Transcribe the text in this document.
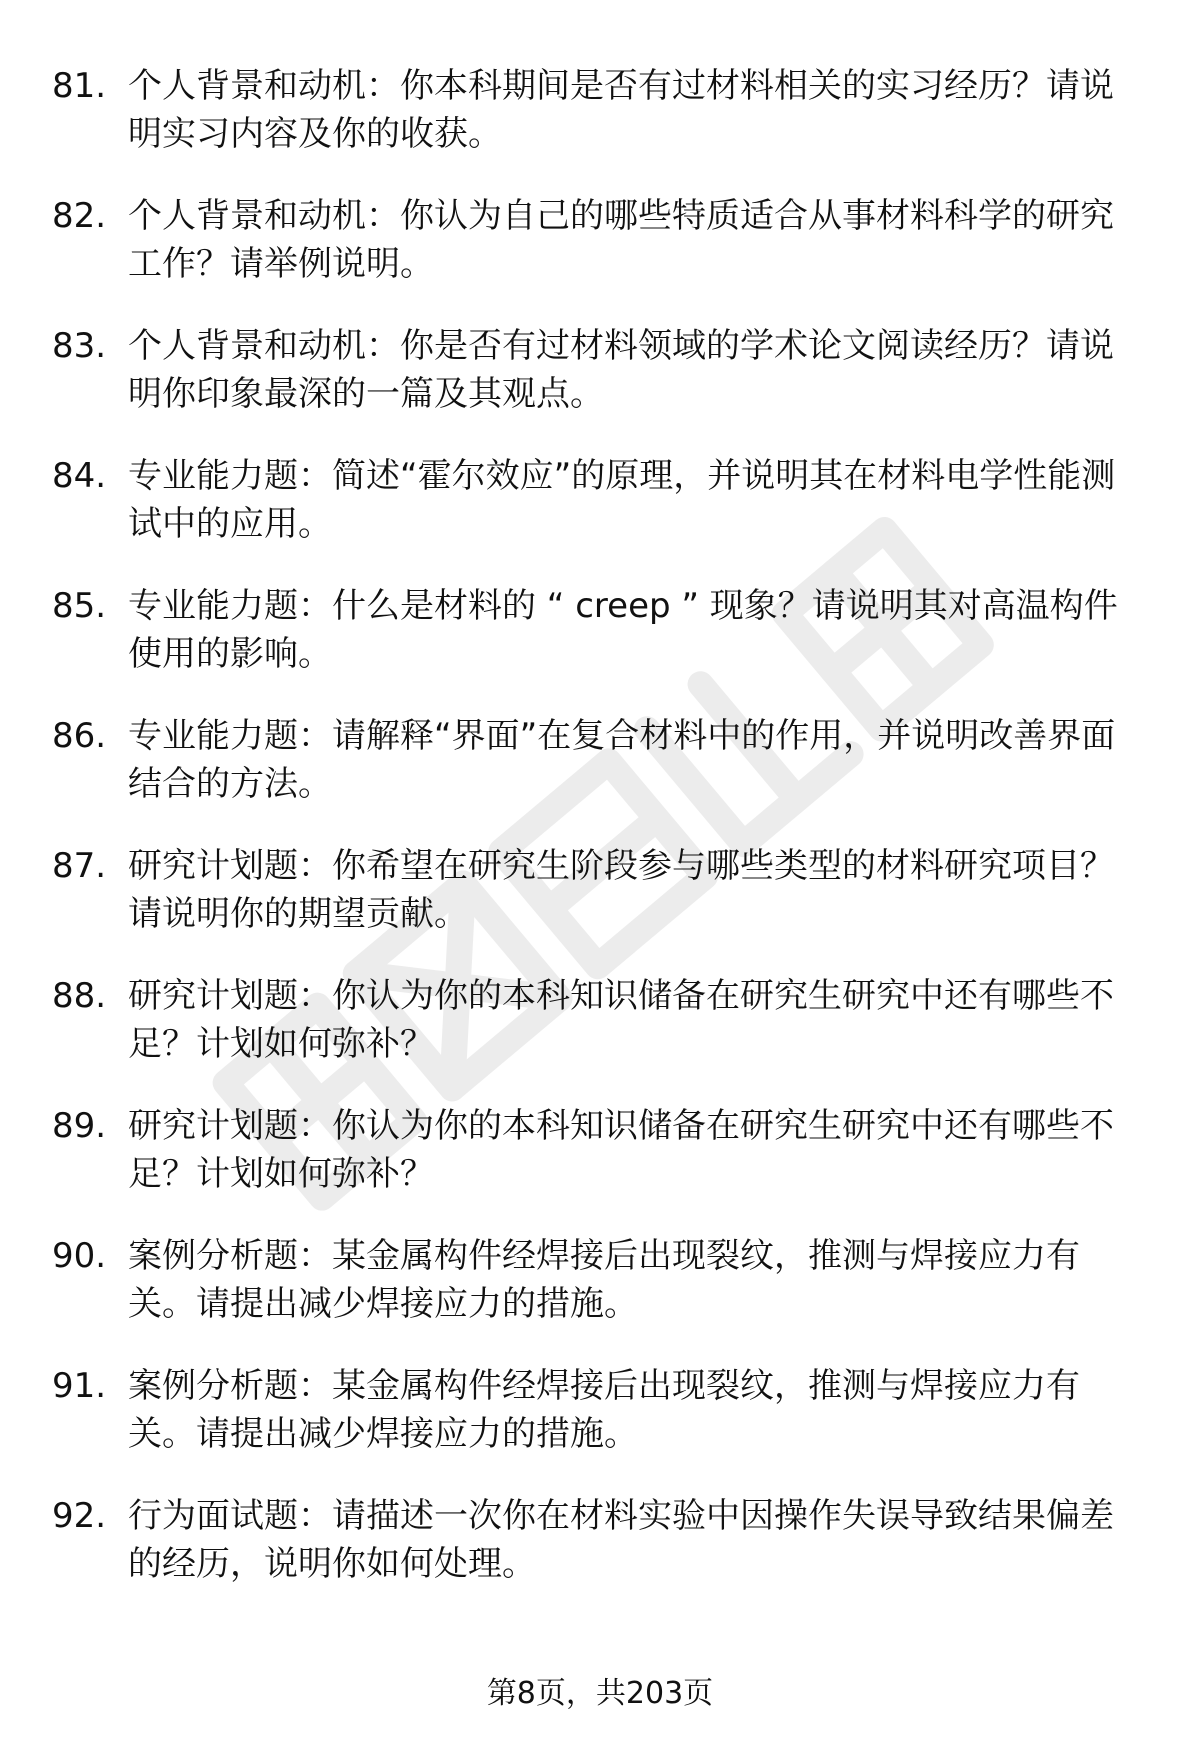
81. 个人背景和动机：你本科期间是否有过材料相关的实习经历？请说明实习内容及你的收获。
82. 个人背景和动机：你认为自己的哪些特质适合从事材料科学的研究工作？请举例说明。
83. 个人背景和动机：你是否有过材料领域的学术论文阅读经历？请说明你印象最深的一篇及其观点。
84. 专业能力题：简述“霍尔效应”的原理，并说明其在材料电学性能测试中的应用。
85. 专业能力题：什么是材料的 “ creep ” 现象？请说明其对高温构件使用的影响。
86. 专业能力题：请解释“界面”在复合材料中的作用，并说明改善界面结合的方法。
87. 研究计划题：你希望在研究生阶段参与哪些类型的材料研究项目？请说明你的期望贡献。
88. 研究计划题：你认为你的本科知识储备在研究生研究中还有哪些不足？计划如何弥补？
89. 研究计划题：你认为你的本科知识储备在研究生研究中还有哪些不足？计划如何弥补？
90. 案例分析题：某金属构件经焊接后出现裂纹，推测与焊接应力有关。请提出减少焊接应力的措施。
91. 案例分析题：某金属构件经焊接后出现裂纹，推测与焊接应力有关。请提出减少焊接应力的措施。
92. 行为面试题：请描述一次你在材料实验中因操作失误导致结果偏差的经历，说明你如何处理。
第8页，共203页
